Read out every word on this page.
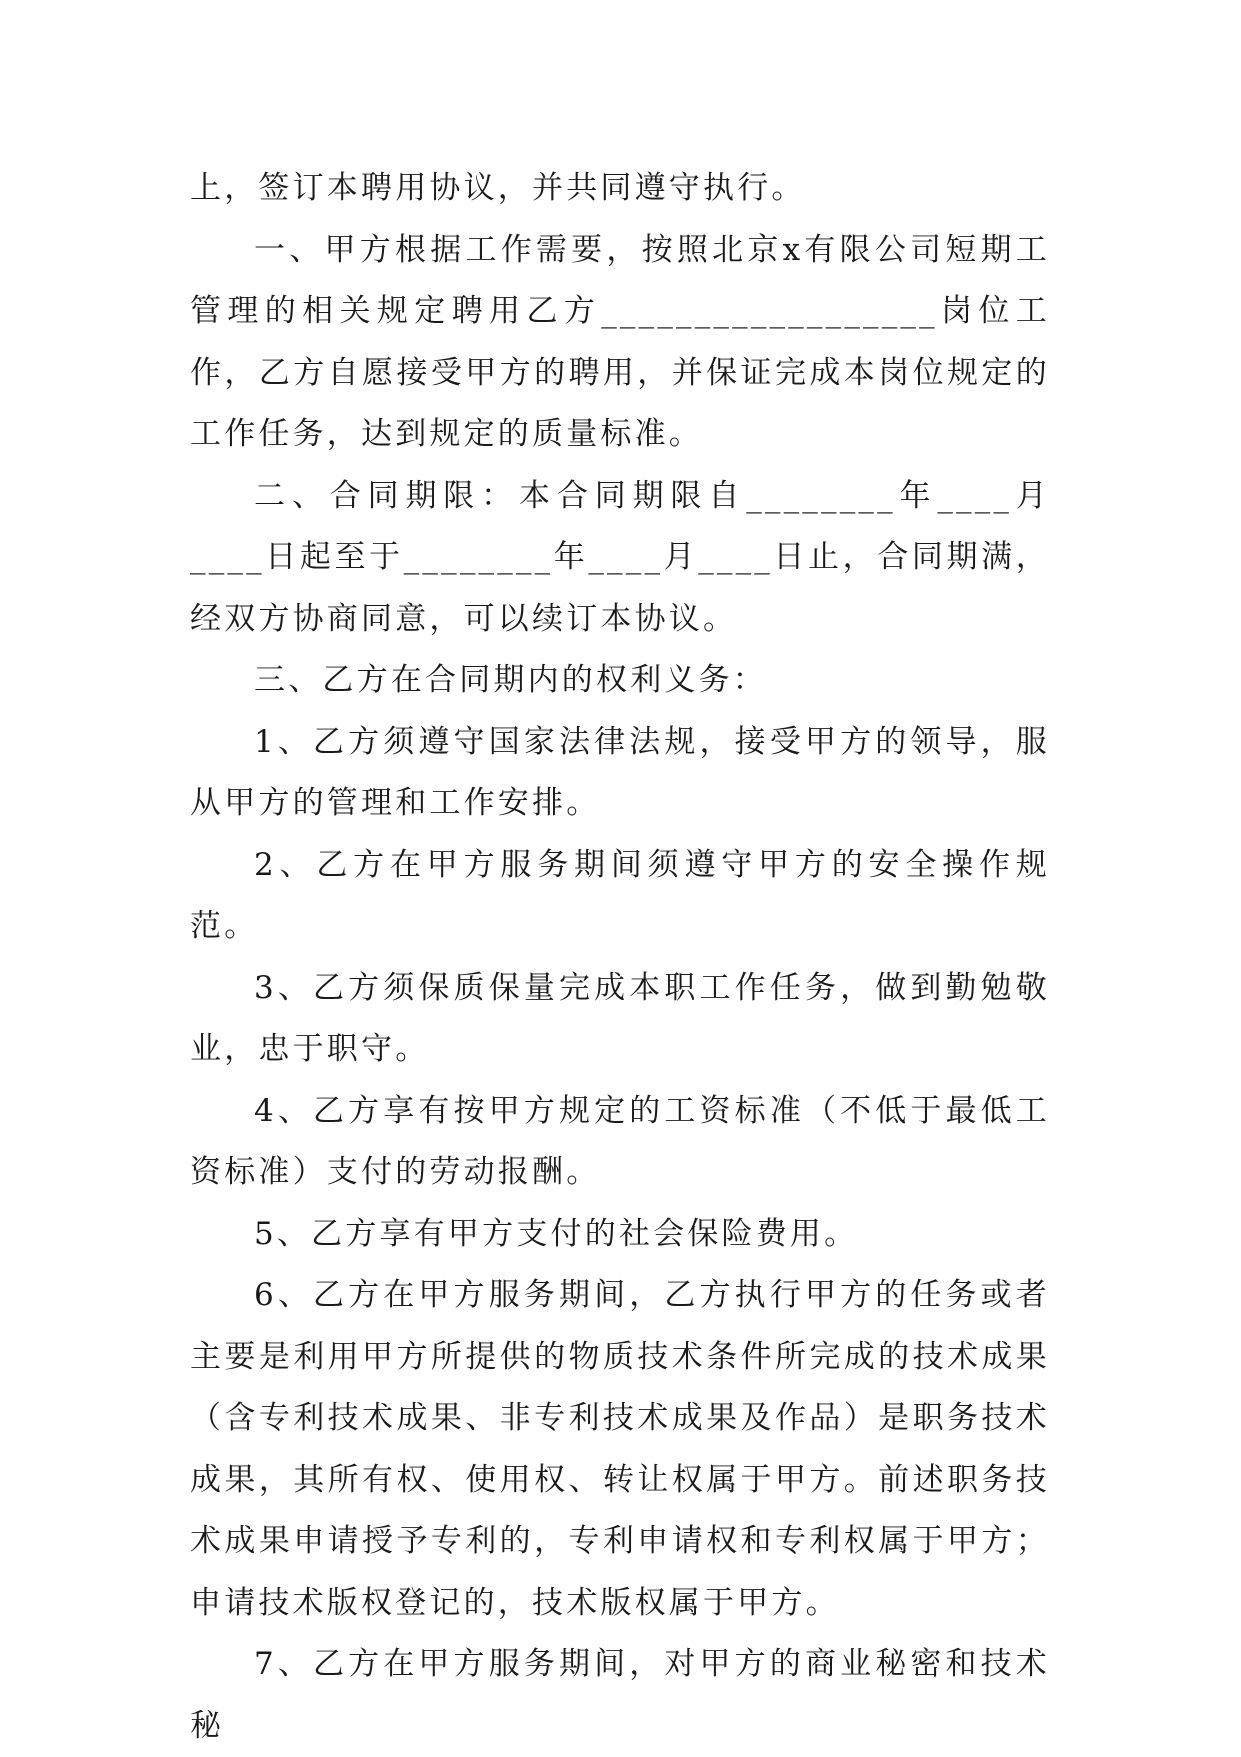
上，签订本聘用协议，并共同遵守执行。

一、甲方根据工作需要，按照北京x有限公司短期工管理的相关规定聘用乙方__________________岗位工作，乙方自愿接受甲方的聘用，并保证完成本岗位规定的工作任务，达到规定的质量标准。

二、合同期限：本合同期限自________年____月____日起至于________年____月____日止，合同期满，经双方协商同意，可以续订本协议。

三、乙方在合同期内的权利义务：

1、乙方须遵守国家法律法规，接受甲方的领导，服从甲方的管理和工作安排。

2、乙方在甲方服务期间须遵守甲方的安全操作规范。

3、乙方须保质保量完成本职工作任务，做到勤勉敬业，忠于职守。

4、乙方享有按甲方规定的工资标准（不低于最低工资标准）支付的劳动报酬。

5、乙方享有甲方支付的社会保险费用。

6、乙方在甲方服务期间，乙方执行甲方的任务或者主要是利用甲方所提供的物质技术条件所完成的技术成果（含专利技术成果、非专利技术成果及作品）是职务技术成果，其所有权、使用权、转让权属于甲方。前述职务技术成果申请授予专利的，专利申请权和专利权属于甲方；申请技术版权登记的，技术版权属于甲方。

7、乙方在甲方服务期间，对甲方的商业秘密和技术秘
